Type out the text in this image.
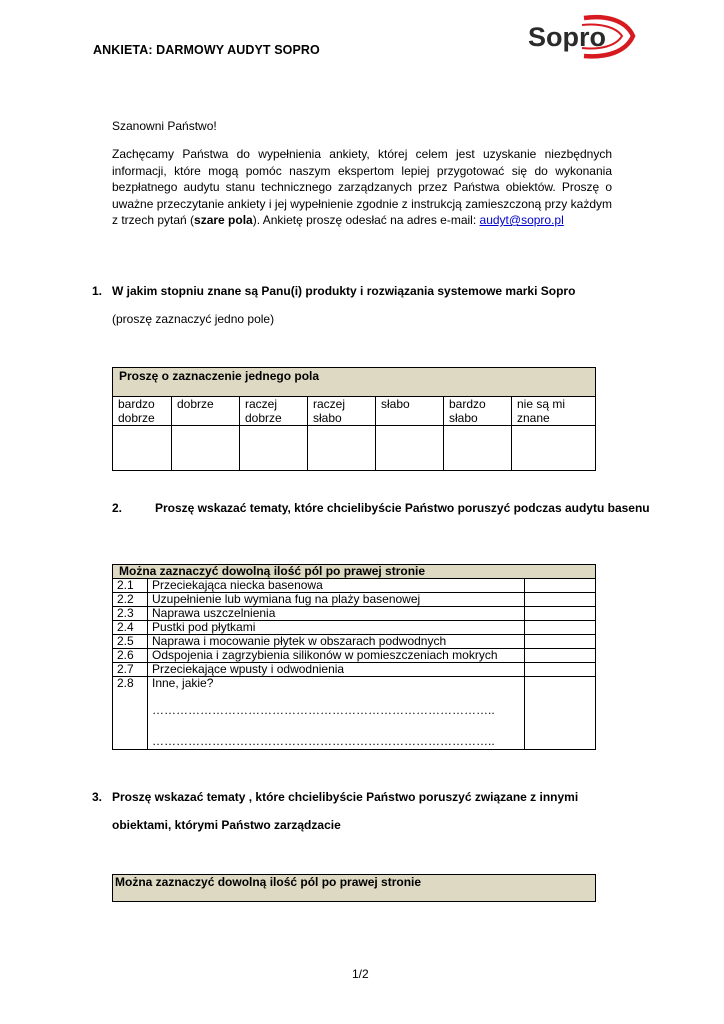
ANKIETA: DARMOWY AUDYT SOPRO	Sopro
Szanowni Państwo!
Zachęcamy Państwa do wypełnienia ankiety, której celem jest uzyskanie niezbędnych informacji, które mogą pomóc naszym ekspertom lepiej przygotować się do wykonania bezpłatnego audytu stanu technicznego zarządzanych przez Państwa obiektów. Proszę o uważne przeczytanie ankiety i jej wypełnienie zgodnie z instrukcją zamieszczoną przy każdym z trzech pytań (szare pola). Ankietę proszę odesłać na adres e-mail: audyt@sopro.pl
1. W jakim stopniu znane są Panu(i) produkty i rozwiązania systemowe marki Sopro
(proszę zaznaczyć jedno pole)
Proszę o zaznaczenie jednego pola						
bardzo dobrze	dobrze	raczej dobrze	raczej słabo	słabo	bardzo słabo	nie są mi znane

2.	Proszę wskazać tematy, które chcielibyście Państwo poruszyć podczas audytu basenu
Można zaznaczyć dowolną ilość pól po prawej stronie		
2.1	Przeciekająca niecka basenowa	
2.2	Uzupełnienie lub wymiana fug na plaży basenowej	
2.3	Naprawa uszczelnienia	
2.4	Pustki pod płytkami	
2.5	Naprawa i mocowanie płytek w obszarach podwodnych	
2.6	Odspojenia i zagrzybienia silikonów w pomieszczeniach mokrych	
2.7	Przeciekające wpusty i odwodnienia	
2.8	Inne, jakie?
…………………………………………………………………………..
…………………………………………………………………………..	

3. Proszę wskazać tematy , które chcielibyście Państwo poruszyć związane z innymi
obiektami, którymi Państwo zarządzacie
Można zaznaczyć dowolną ilość pól po prawej stronie
1/2
